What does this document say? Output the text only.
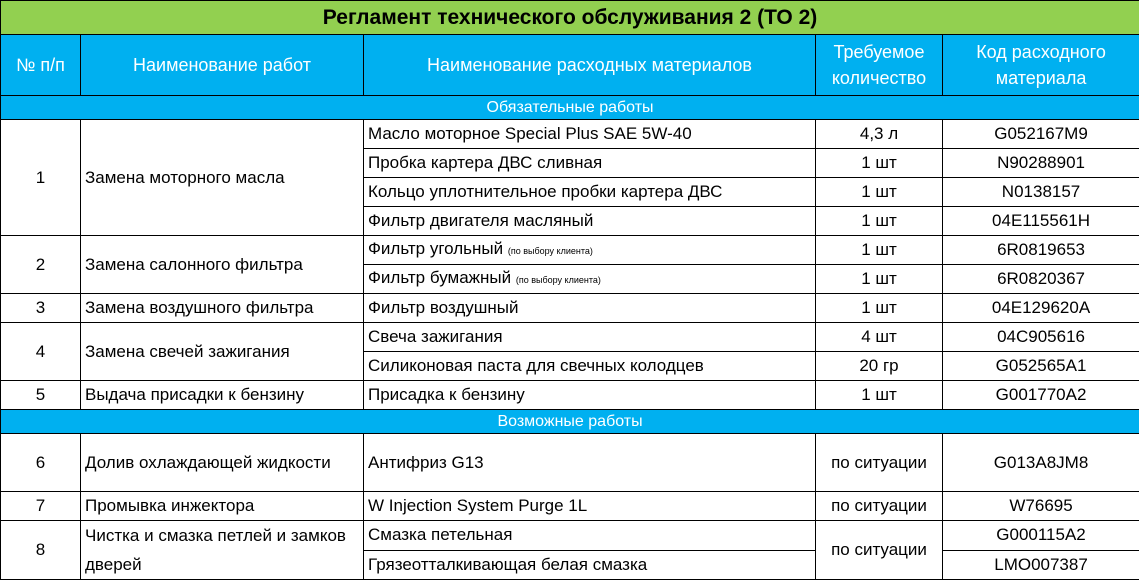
Регламент технического обслуживания 2 (ТО 2)				
№ п/п	Наименование работ	Наименование расходных материалов	Требуемое количество	Код расходного материала
Обязательные работы				
1	Замена моторного масла	Масло моторное Special Plus SAE 5W-40	4,3 л	G052167M9
		Пробка картера ДВС сливная	1 шт	N90288901
		Кольцо уплотнительное пробки картера ДВС	1 шт	N0138157
		Фильтр двигателя масляный	1 шт	04E115561H
2	Замена салонного фильтра	Фильтр угольный (по выбору клиента)	1 шт	6R0819653
		Фильтр бумажный (по выбору клиента)	1 шт	6R0820367
3	Замена воздушного фильтра	Фильтр воздушный	1 шт	04E129620A
4	Замена свечей зажигания	Свеча зажигания	4 шт	04C905616
		Силиконовая паста для свечных колодцев	20 гр	G052565A1
5	Выдача присадки к бензину	Присадка к бензину	1 шт	G001770A2
Возможные работы				
6	Долив охлаждающей жидкости	Антифриз G13	по ситуации	G013A8JM8
7	Промывка инжектора	W Injection System Purge 1L	по ситуации	W76695
8	Чистка и смазка петлей и замков дверей	Смазка петельная	по ситуации	G000115A2
		Грязеотталкивающая белая смазка		LMO007387
